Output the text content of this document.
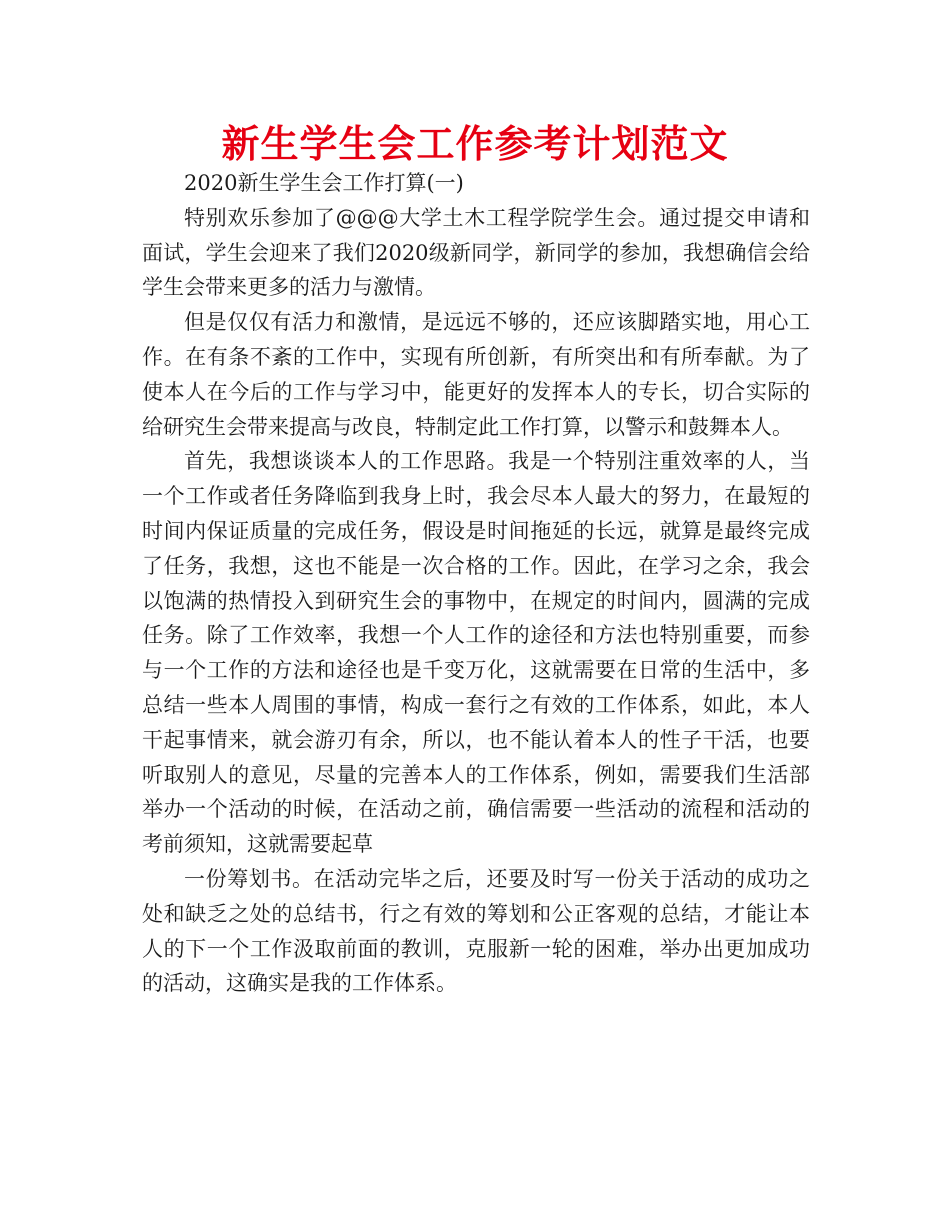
新生学生会工作参考计划范文

2020新生学生会工作打算(一)

特别欢乐参加了@@@大学土木工程学院学生会。通过提交申请和面试，学生会迎来了我们2020级新同学，新同学的参加，我想确信会给学生会带来更多的活力与激情。

但是仅仅有活力和激情，是远远不够的，还应该脚踏实地，用心工作。在有条不紊的工作中，实现有所创新，有所突出和有所奉献。为了使本人在今后的工作与学习中，能更好的发挥本人的专长，切合实际的给研究生会带来提高与改良，特制定此工作打算，以警示和鼓舞本人。

首先，我想谈谈本人的工作思路。我是一个特别注重效率的人，当一个工作或者任务降临到我身上时，我会尽本人最大的努力，在最短的时间内保证质量的完成任务，假设是时间拖延的长远，就算是最终完成了任务，我想，这也不能是一次合格的工作。因此，在学习之余，我会以饱满的热情投入到研究生会的事物中，在规定的时间内，圆满的完成任务。除了工作效率，我想一个人工作的途径和方法也特别重要，而参与一个工作的方法和途径也是千变万化，这就需要在日常的生活中，多总结一些本人周围的事情，构成一套行之有效的工作体系，如此，本人干起事情来，就会游刃有余，所以，也不能认着本人的性子干活，也要听取别人的意见，尽量的完善本人的工作体系，例如，需要我们生活部举办一个活动的时候，在活动之前，确信需要一些活动的流程和活动的考前须知，这就需要起草

一份筹划书。在活动完毕之后，还要及时写一份关于活动的成功之处和缺乏之处的总结书，行之有效的筹划和公正客观的总结，才能让本人的下一个工作汲取前面的教训，克服新一轮的困难，举办出更加成功的活动，这确实是我的工作体系。
